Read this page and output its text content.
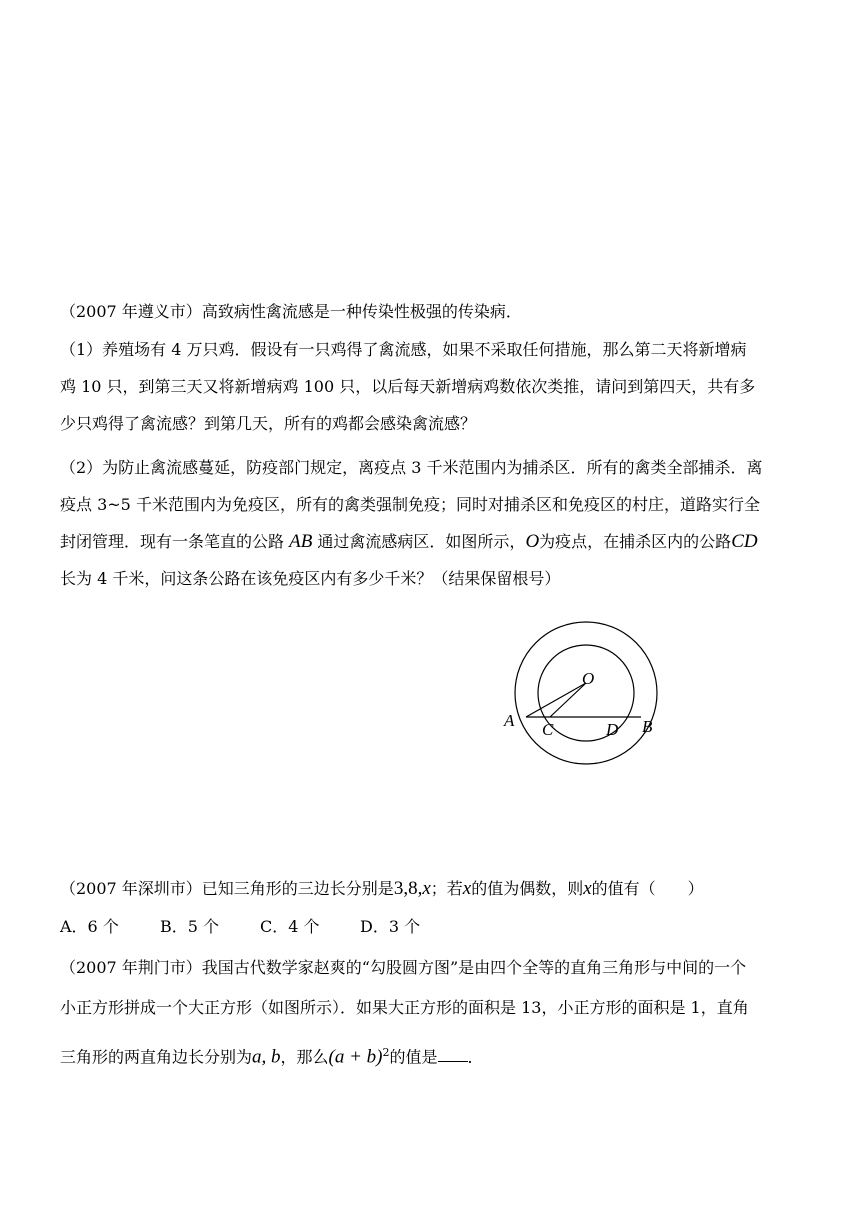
（2007 年遵义市）高致病性禽流感是一种传染性极强的传染病．
（1）养殖场有 4 万只鸡．假设有一只鸡得了禽流感，如果不采取任何措施，那么第二天将新增病
鸡 10 只，到第三天又将新增病鸡 100 只，以后每天新增病鸡数依次类推，请问到第四天，共有多
少只鸡得了禽流感？到第几天，所有的鸡都会感染禽流感？
（2）为防止禽流感蔓延，防疫部门规定，离疫点 3 千米范围内为捕杀区．所有的禽类全部捕杀．离
疫点 3~5 千米范围内为免疫区，所有的禽类强制免疫；同时对捕杀区和免疫区的村庄，道路实行全
封闭管理．现有一条笔直的公路 AB 通过禽流感病区．如图所示，O为疫点，在捕杀区内的公路CD
长为 4 千米，问这条公路在该免疫区内有多少千米？（结果保留根号）
O
A C	D B
（2007 年深圳市）已知三角形的三边长分别是3,8,x；若x的值为偶数，则x的值有（　　）
A．6 个	B．5 个	C．4 个	D．3 个
（2007 年荆门市）我国古代数学家赵爽的“勾股圆方图”是由四个全等的直角三角形与中间的一个
小正方形拼成一个大正方形（如图所示）．如果大正方形的面积是 13，小正方形的面积是 1，直角
三角形的两直角边长分别为a, b，那么$(a + b)^2$的值是 ．
